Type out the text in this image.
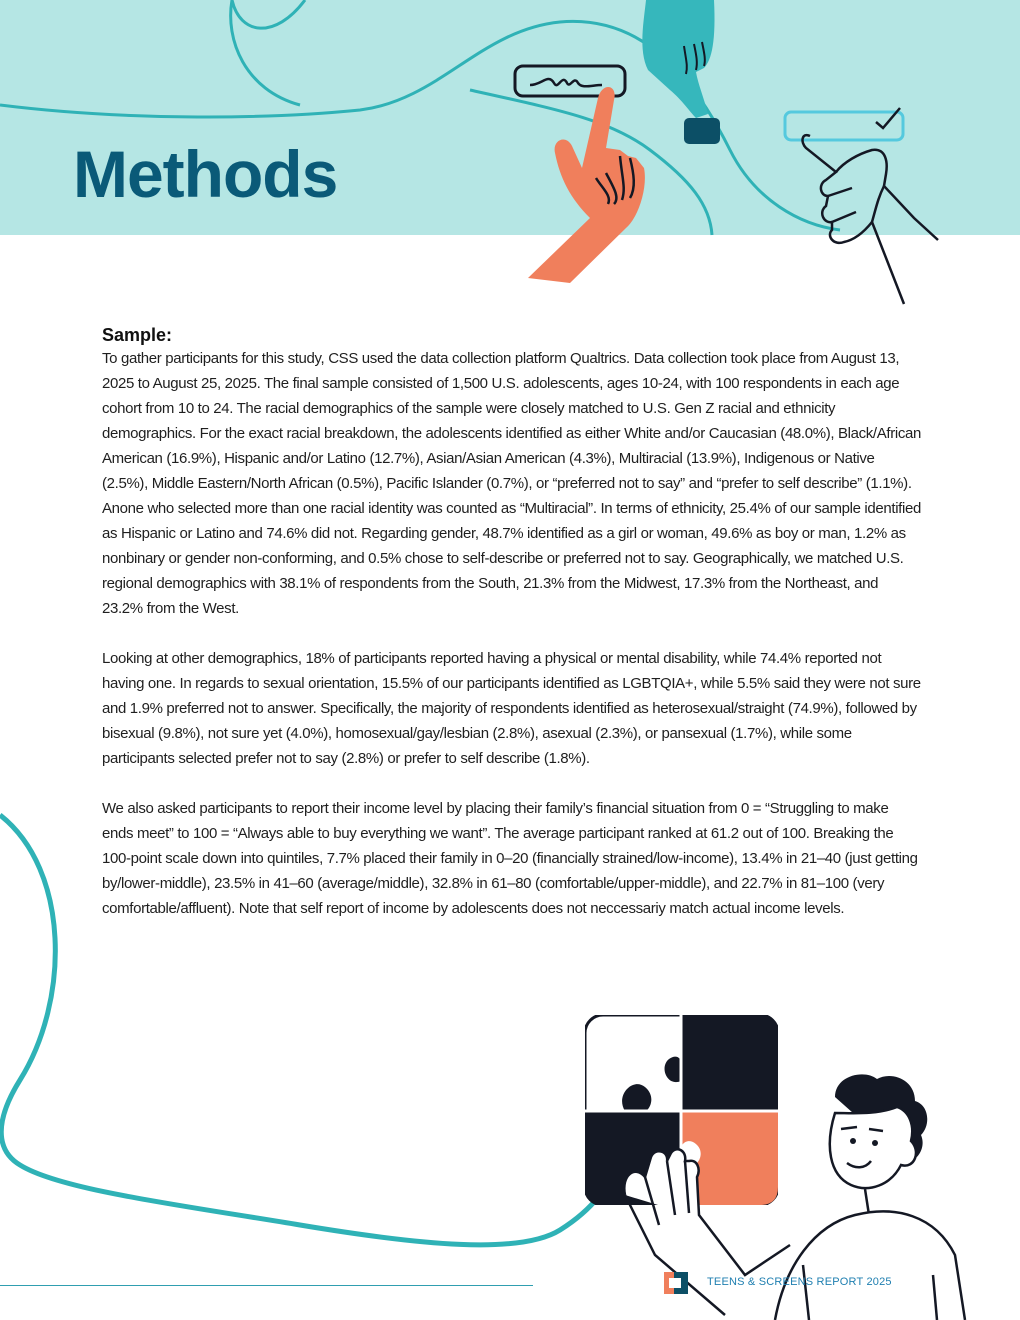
Methods
Sample:

To gather participants for this study, CSS used the data collection platform Qualtrics. Data collection took place from August 13, 2025 to August 25, 2025. The final sample consisted of 1,500 U.S. adolescents, ages 10-24, with 100 respondents in each age cohort from 10 to 24. The racial demographics of the sample were closely matched to U.S. Gen Z racial and ethnicity demographics. For the exact racial breakdown, the adolescents identified as either White and/or Caucasian (48.0%), Black/African American (16.9%), Hispanic and/or Latino (12.7%), Asian/Asian American (4.3%), Multiracial (13.9%), Indigenous or Native (2.5%), Middle Eastern/North African (0.5%), Pacific Islander (0.7%), or “preferred not to say” and “prefer to self describe” (1.1%). Anone who selected more than one racial identity was counted as “Multiracial”. In terms of ethnicity, 25.4% of our sample identified as Hispanic or Latino and 74.6% did not. Regarding gender, 48.7% identified as a girl or woman, 49.6% as boy or man, 1.2% as nonbinary or gender non-conforming, and 0.5% chose to self-describe or preferred not to say. Geographically, we matched U.S. regional demographics with 38.1% of respondents from the South, 21.3% from the Midwest, 17.3% from the Northeast, and 23.2% from the West.

Looking at other demographics, 18% of participants reported having a physical or mental disability, while 74.4% reported not having one. In regards to sexual orientation, 15.5% of our participants identified as LGBTQIA+, while 5.5% said they were not sure and 1.9% preferred not to answer. Specifically, the majority of respondents identified as heterosexual/straight (74.9%), followed by bisexual (9.8%), not sure yet (4.0%), homosexual/gay/lesbian (2.8%), asexual (2.3%), or pansexual (1.7%), while some participants selected prefer not to say (2.8%) or prefer to self describe (1.8%).

We also asked participants to report their income level by placing their family’s financial situation from 0 = “Struggling to make ends meet” to 100 = “Always able to buy everything we want”. The average participant ranked at 61.2 out of 100. Breaking the 100-point scale down into quintiles, 7.7% placed their family in 0–20 (financially strained/low-income), 13.4% in 21–40 (just getting by/lower-middle), 23.5% in 41–60 (average/middle), 32.8% in 61–80 (comfortable/upper-middle), and 22.7% in 81–100 (very comfortable/affluent). Note that self report of income by adolescents does not neccessariy match actual income levels.

TEENS & SCREENS REPORT 2025
